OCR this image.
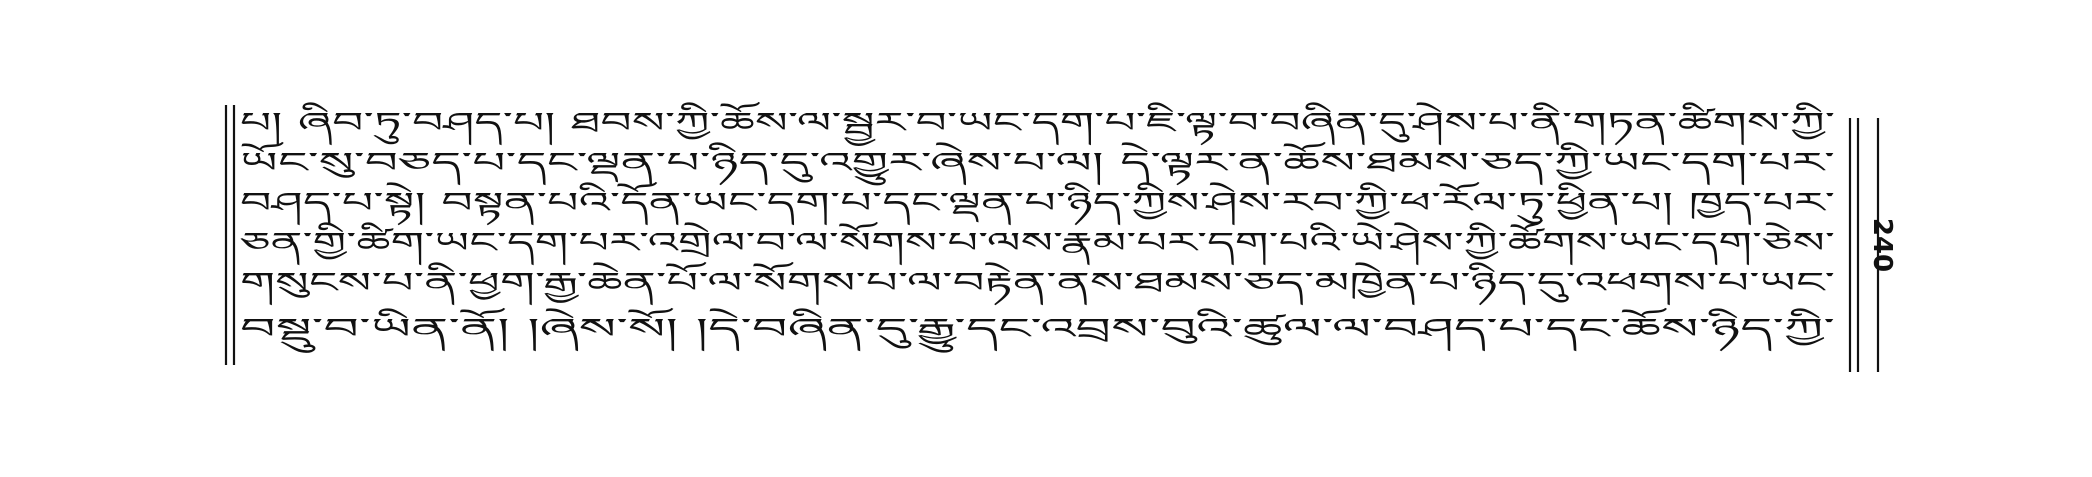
240
པ། ཞིབ་ཏུ་བཤད་པ། ཐབས་ཀྱི་ཆོས་ལ་སྦྱར་བ་ཡང་དག་པ་ཇི་ལྟ་བ་བཞིན་དུ་ཤེས་པ་ནི་གཏན་ཚིགས་ཀྱི་
ཡོང་སུ་བཅད་པ་དང་ལྡན་པ་ཉིད་དུ་འགྱུར་ཞེས་པ་ལ། དེ་ལྟར་ན་ཆོས་ཐམས་ཅད་ཀྱི་ཡང་དག་པར་
བཤད་པ་སྟེ། བསྟན་པའི་དོན་ཡང་དག་པ་དང་ལྡན་པ་ཉིད་ཀྱིས་ཤེས་རབ་ཀྱི་ཕ་རོལ་ཏུ་ཕྱིན་པ། ཁྱད་པར་
ཅན་གྱི་ཚིག་ཡང་དག་པར་འགྲེལ་བ་ལ་སོགས་པ་ལས་རྣམ་པར་དག་པའི་ཡེ་ཤེས་ཀྱི་ཚོགས་ཡང་དག་ཅེས་
གསུངས་པ་ནི་ཕྱག་རྒྱ་ཆེན་པོ་ལ་སོགས་པ་ལ་བརྟེན་ནས་ཐམས་ཅད་མཁྱེན་པ་ཉིད་དུ་འཕགས་པ་ཡང་
བསྡུ་བ་ཡིན་ནོ། །ཞེས་སོ། །དེ་བཞིན་དུ་རྒྱུ་དང་འབྲས་བུའི་ཚུལ་ལ་བཤད་པ་དང་ཆོས་ཉིད་ཀྱི་
